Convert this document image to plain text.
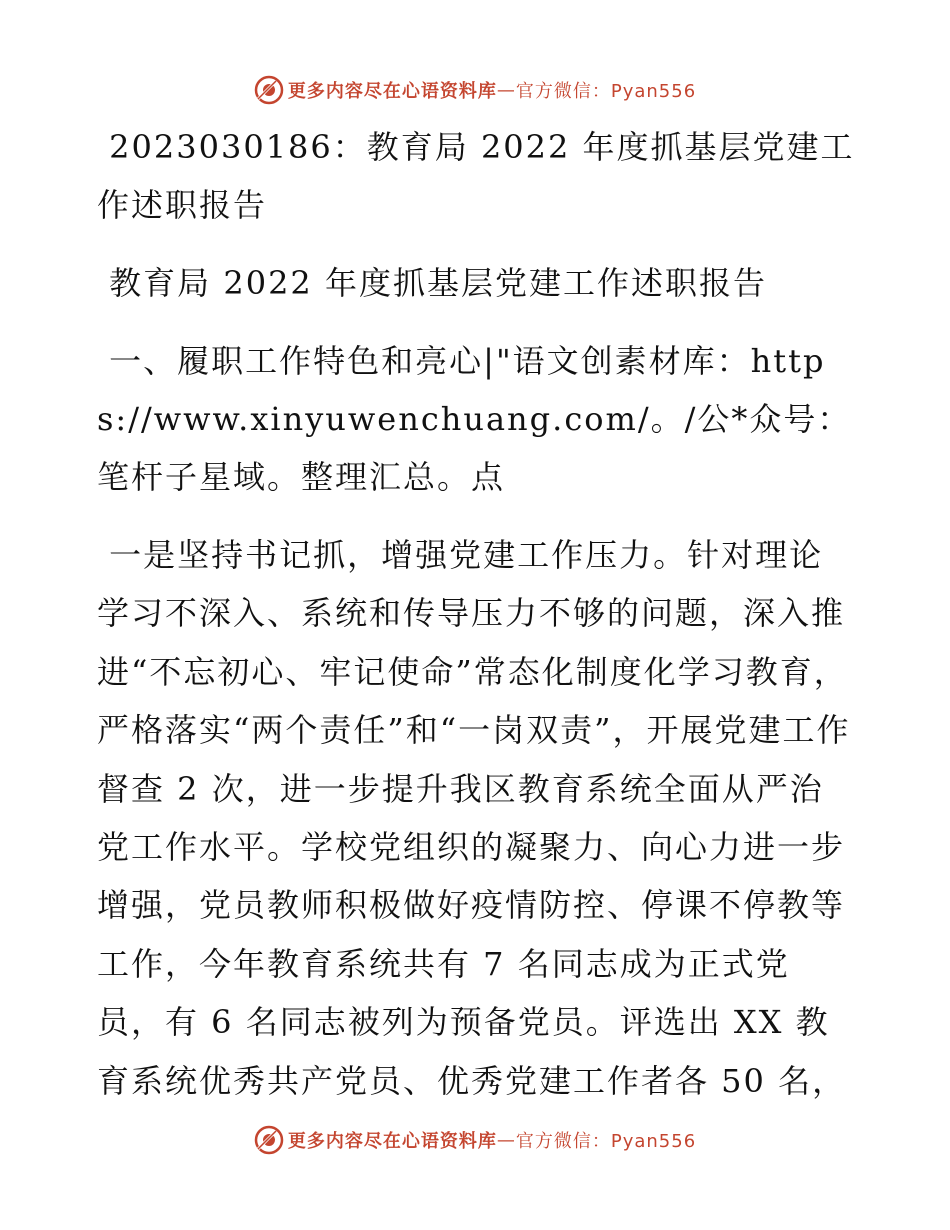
更多内容尽在心语资料库 — 官方微信：Pyan556

2023030186：教育局 2022 年度抓基层党建工作述职报告

教育局 2022 年度抓基层党建工作述职报告

一、履职工作特色和亮心|"语文创素材库：https://www.xinyuwenchuang.com/。/公*众号：笔杆子星域。整理汇总。点

一是坚持书记抓，增强党建工作压力。针对理论学习不深入、系统和传导压力不够的问题，深入推进“不忘初心、牢记使命”常态化制度化学习教育，严格落实“两个责任”和“一岗双责”，开展党建工作督查 2 次，进一步提升我区教育系统全面从严治党工作水平。学校党组织的凝聚力、向心力进一步增强，党员教师积极做好疫情防控、停课不停教等工作，今年教育系统共有 7 名同志成为正式党员，有 6 名同志被列为预备党员。评选出 XX 教育系统优秀共产党员、优秀党建工作者各 50 名，

更多内容尽在心语资料库 — 官方微信：Pyan556
